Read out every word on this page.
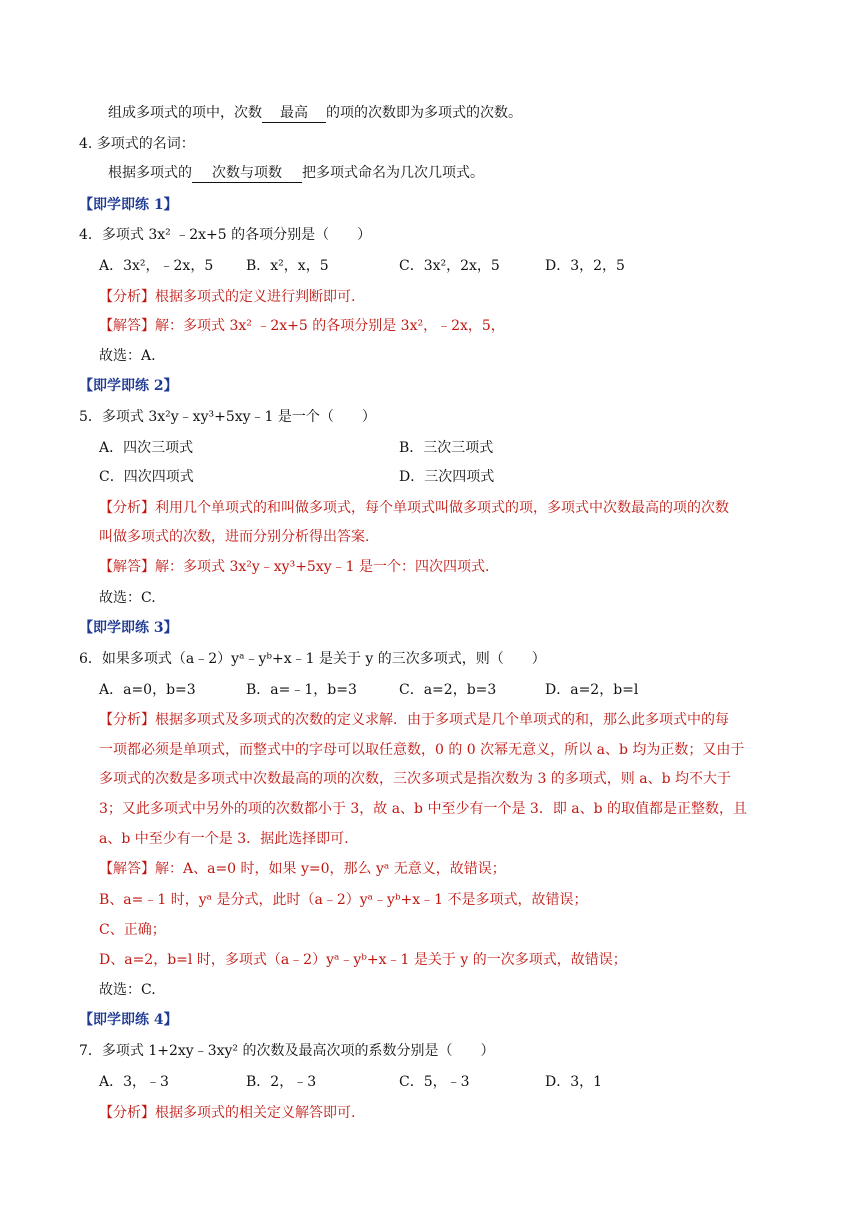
组成多项式的项中，次数 最高 的项的次数即为多项式的次数。
4. 多项式的名词：
根据多项式的 次数与项数 把多项式命名为几次几项式。
【即学即练 1】
4．多项式 3x² ﹣2x+5 的各项分别是（　　）
A．3x²，﹣2x，5 B．x²，x，5	C．3x²，2x，5	D．3，2，5
【分析】根据多项式的定义进行判断即可.
【解答】解：多项式 3x² ﹣2x+5 的各项分别是 3x²，﹣2x，5，
故选：A.
【即学即练 2】
5．多项式 3x²y﹣xy³+5xy﹣1 是一个（　　）
A．四次三项式	B．三次三项式
C．四次四项式	D．三次四项式
【分析】利用几个单项式的和叫做多项式，每个单项式叫做多项式的项，多项式中次数最高的项的次数
叫做多项式的次数，进而分别分析得出答案.
【解答】解：多项式 3x²y﹣xy³+5xy﹣1 是一个：四次四项式.
故选：C.
【即学即练 3】
6．如果多项式（a﹣2）yᵃ﹣yᵇ+x﹣1 是关于 y 的三次多项式，则（　　）
A．a=0，b=3	B．a=﹣1，b=3	C．a=2，b=3	D．a=2，b=l
【分析】根据多项式及多项式的次数的定义求解．由于多项式是几个单项式的和，那么此多项式中的每
一项都必须是单项式，而整式中的字母可以取任意数，0 的 0 次幂无意义，所以 a、b 均为正数；又由于
多项式的次数是多项式中次数最高的项的次数，三次多项式是指次数为 3 的多项式，则 a、b 均不大于
3；又此多项式中另外的项的次数都小于 3，故 a、b 中至少有一个是 3．即 a、b 的取值都是正整数，且
a、b 中至少有一个是 3．据此选择即可.
【解答】解：A、a=0 时，如果 y=0，那么 yᵃ 无意义，故错误；
B、a=﹣1 时，yᵃ 是分式，此时（a﹣2）yᵃ﹣yᵇ+x﹣1 不是多项式，故错误；
C、正确；
D、a=2，b=l 时，多项式（a﹣2）yᵃ﹣yᵇ+x﹣1 是关于 y 的一次多项式，故错误；
故选：C.
【即学即练 4】
7．多项式 1+2xy﹣3xy² 的次数及最高次项的系数分别是（　　）
A．3，﹣3	B．2，﹣3	C．5，﹣3	D．3，1
【分析】根据多项式的相关定义解答即可.
